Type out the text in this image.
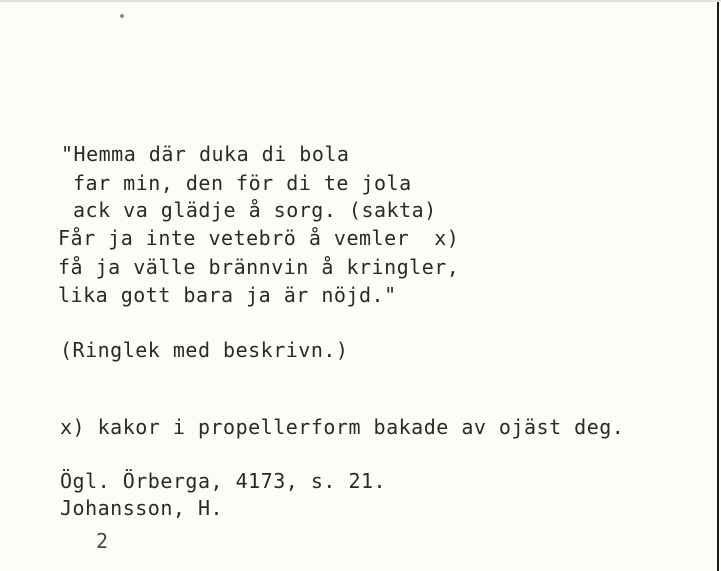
"Hemma där duka di bola
far min, den för di te jola
ack va glädje å sorg. (sakta)
Får ja inte vetebrö å vemler  x)
få ja välle brännvin å kringler,
lika gott bara ja är nöjd."
(Ringlek med beskrivn.)
x) kakor i propellerform bakade av ojäst deg.
Ögl. Örberga, 4173, s. 21.
Johansson, H.
2
